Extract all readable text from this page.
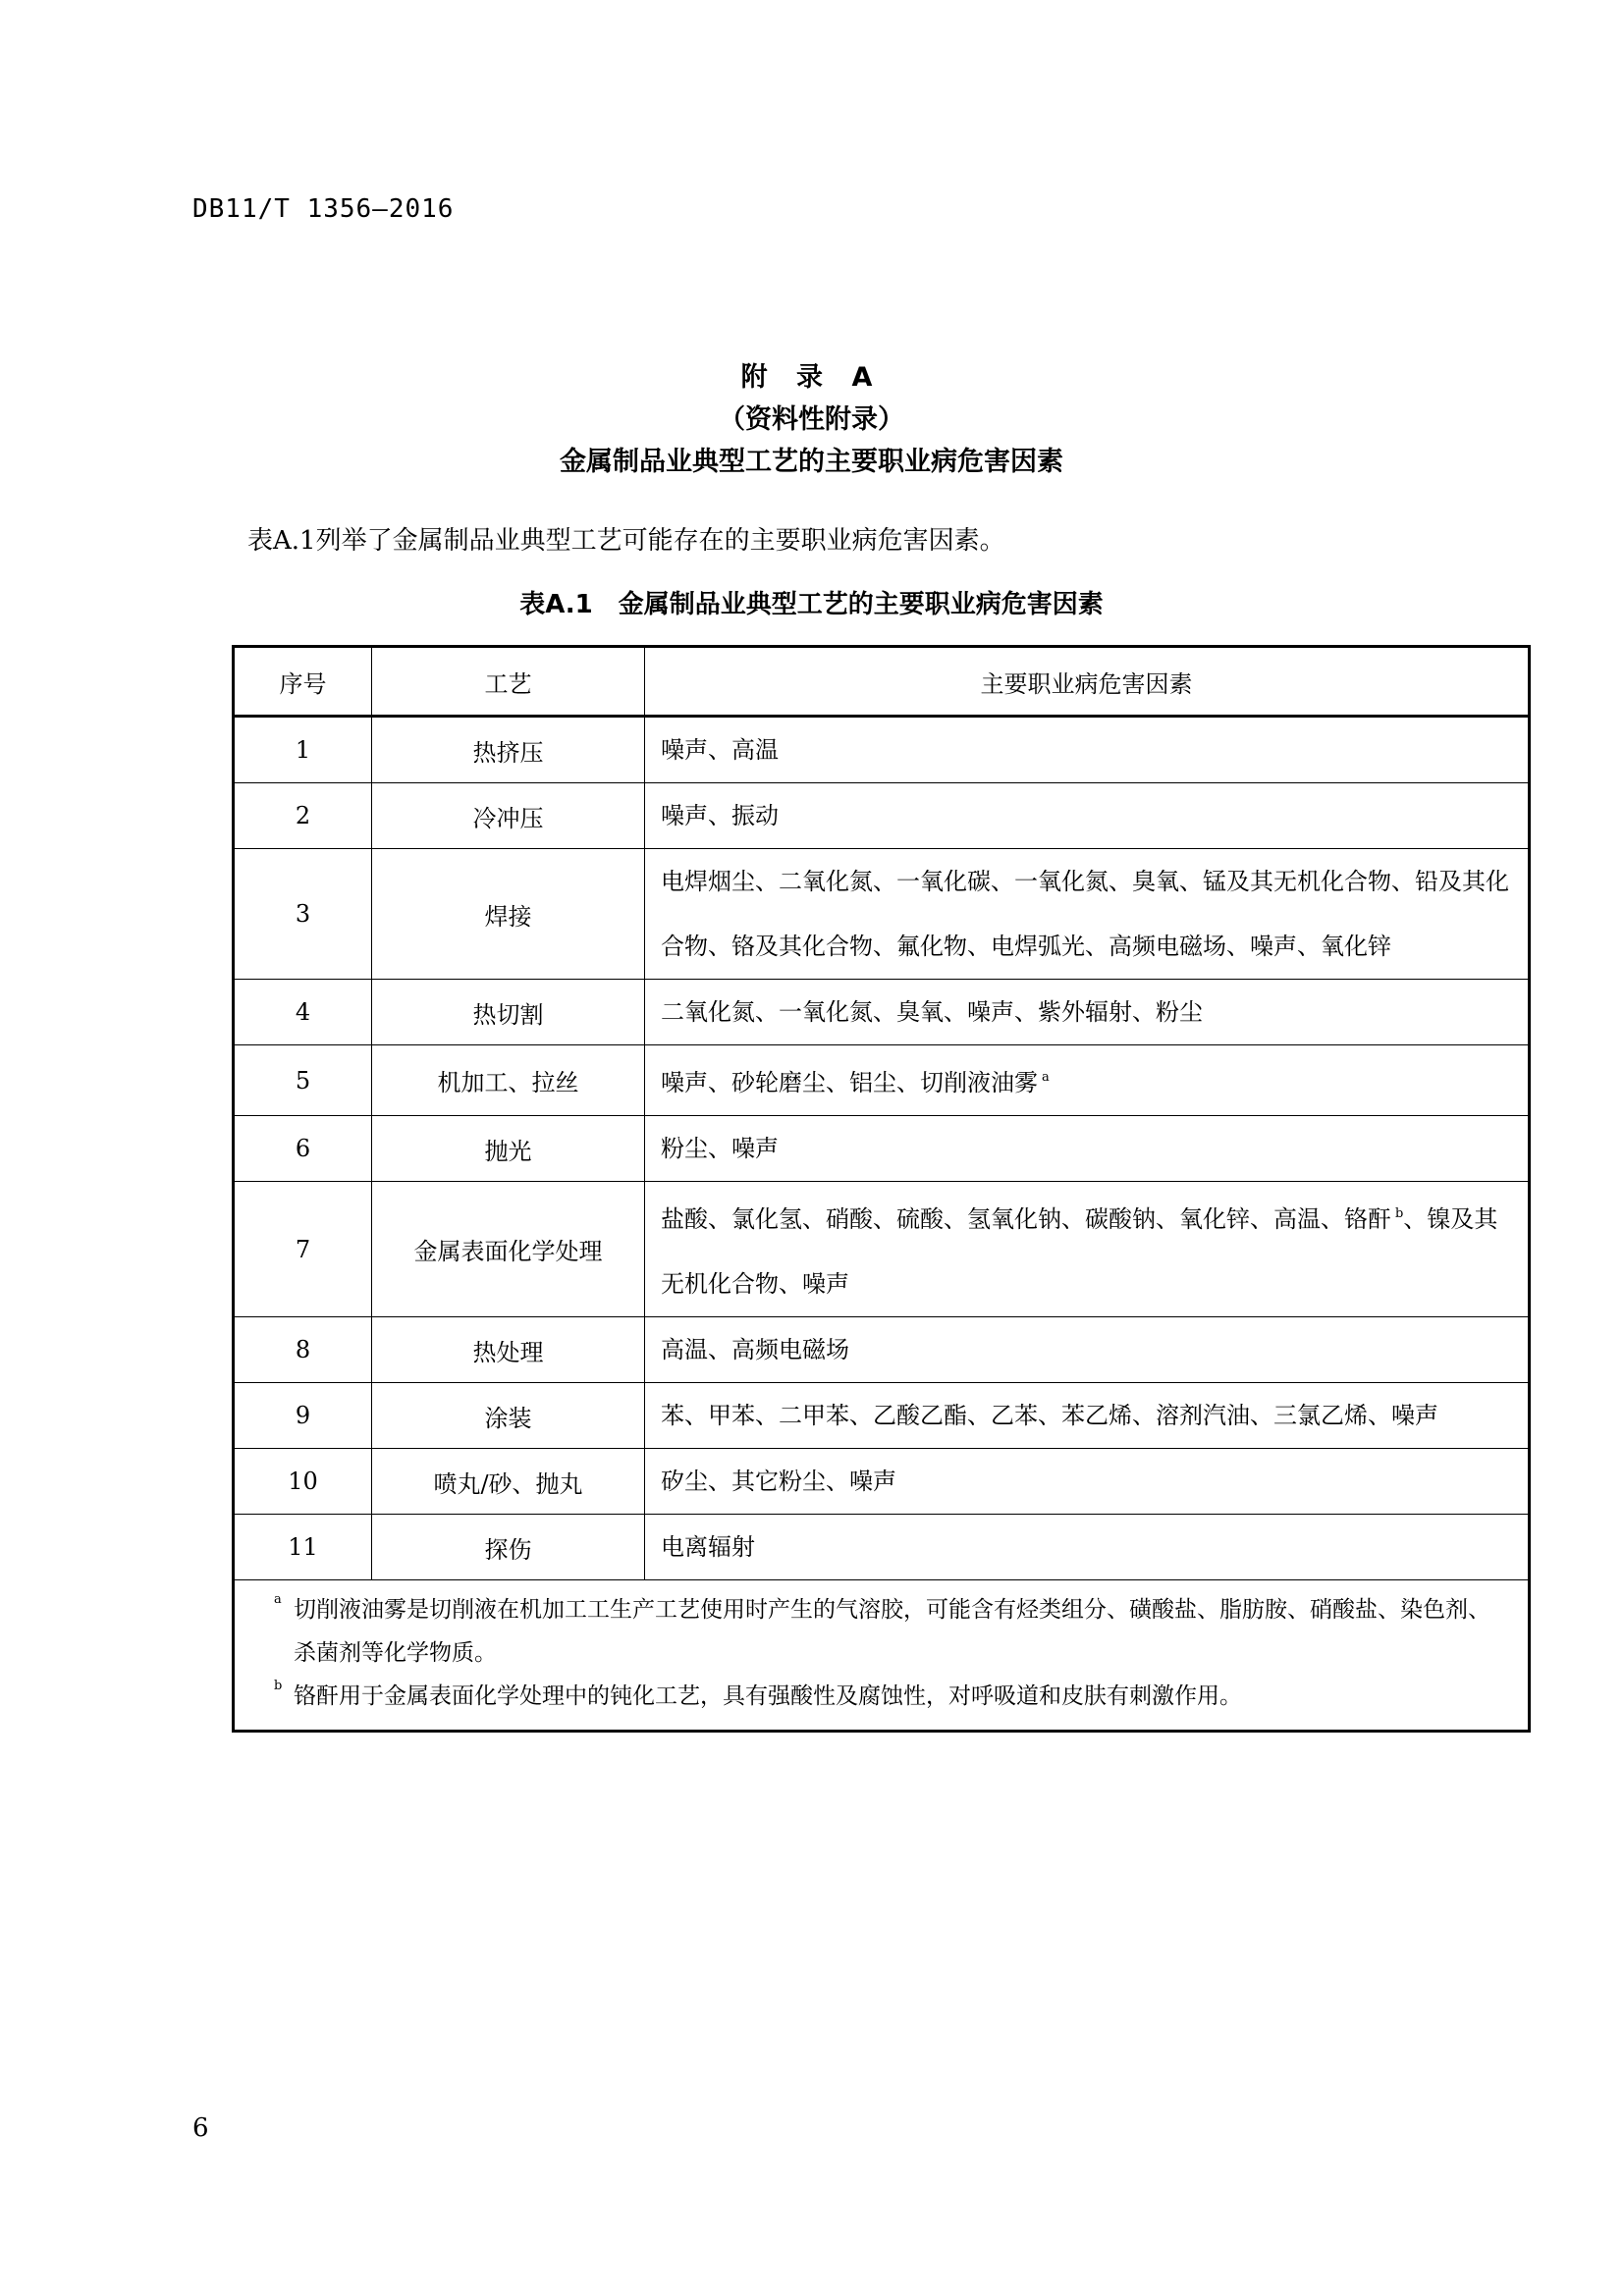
DB11/T 1356—2016
附 录 A
（资料性附录）
金属制品业典型工艺的主要职业病危害因素
表A.1列举了金属制品业典型工艺可能存在的主要职业病危害因素。
表A.1 金属制品业典型工艺的主要职业病危害因素
序号	工艺	主要职业病危害因素
1	热挤压	噪声、高温
2	冷冲压	噪声、振动
3	焊接	电焊烟尘、二氧化氮、一氧化碳、一氧化氮、臭氧、锰及其无机化合物、铅及其化合物、铬及其化合物、氟化物、电焊弧光、高频电磁场、噪声、氧化锌
4	热切割	二氧化氮、一氧化氮、臭氧、噪声、紫外辐射、粉尘
5	机加工、拉丝	噪声、砂轮磨尘、铝尘、切削液油雾 $^a$
6	抛光	粉尘、噪声
7	金属表面化学处理	盐酸、氯化氢、硝酸、硫酸、氢氧化钠、碳酸钠、氧化锌、高温、铬酐 $^b$、镍及其无机化合物、噪声
8	热处理	高温、高频电磁场
9	涂装	苯、甲苯、二甲苯、乙酸乙酯、乙苯、苯乙烯、溶剂汽油、三氯乙烯、噪声
10	喷丸/砂、抛丸	矽尘、其它粉尘、噪声
11	探伤	电离辐射

a 切削液油雾是切削液在机加工工生产工艺使用时产生的气溶胶，可能含有烃类组分、磺酸盐、脂肪胺、硝酸盐、染色剂、杀菌剂等化学物质。
b 铬酐用于金属表面化学处理中的钝化工艺，具有强酸性及腐蚀性，对呼吸道和皮肤有刺激作用。		
6
